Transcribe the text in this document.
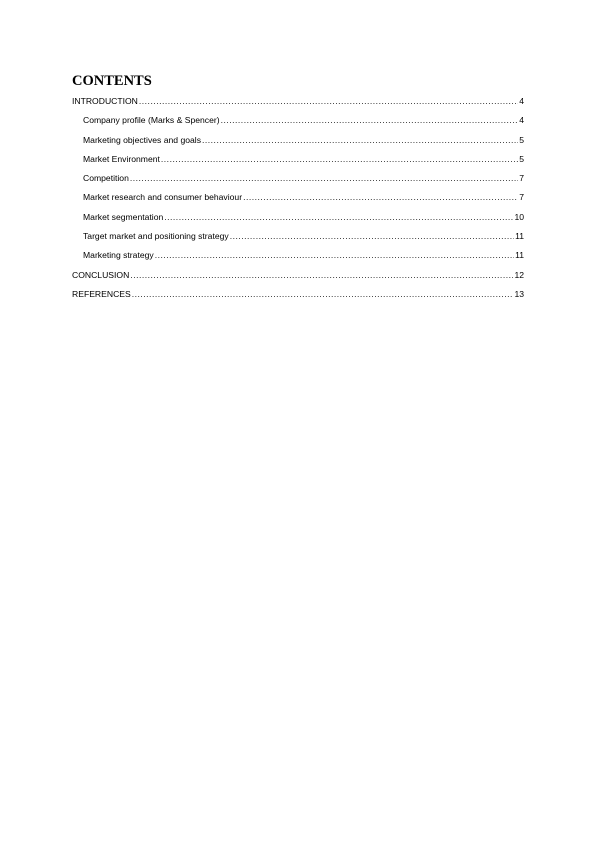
CONTENTS
INTRODUCTION .....	4
Company profile (Marks & Spencer) .....	4
Marketing objectives and goals .....	5
Market Environment .....	5
Competition .....	7
Market research and consumer behaviour .....	7
Market segmentation .....	10
Target market and positioning strategy .....	11
Marketing strategy .....	11
CONCLUSION .....	12
REFERENCES .....	13
